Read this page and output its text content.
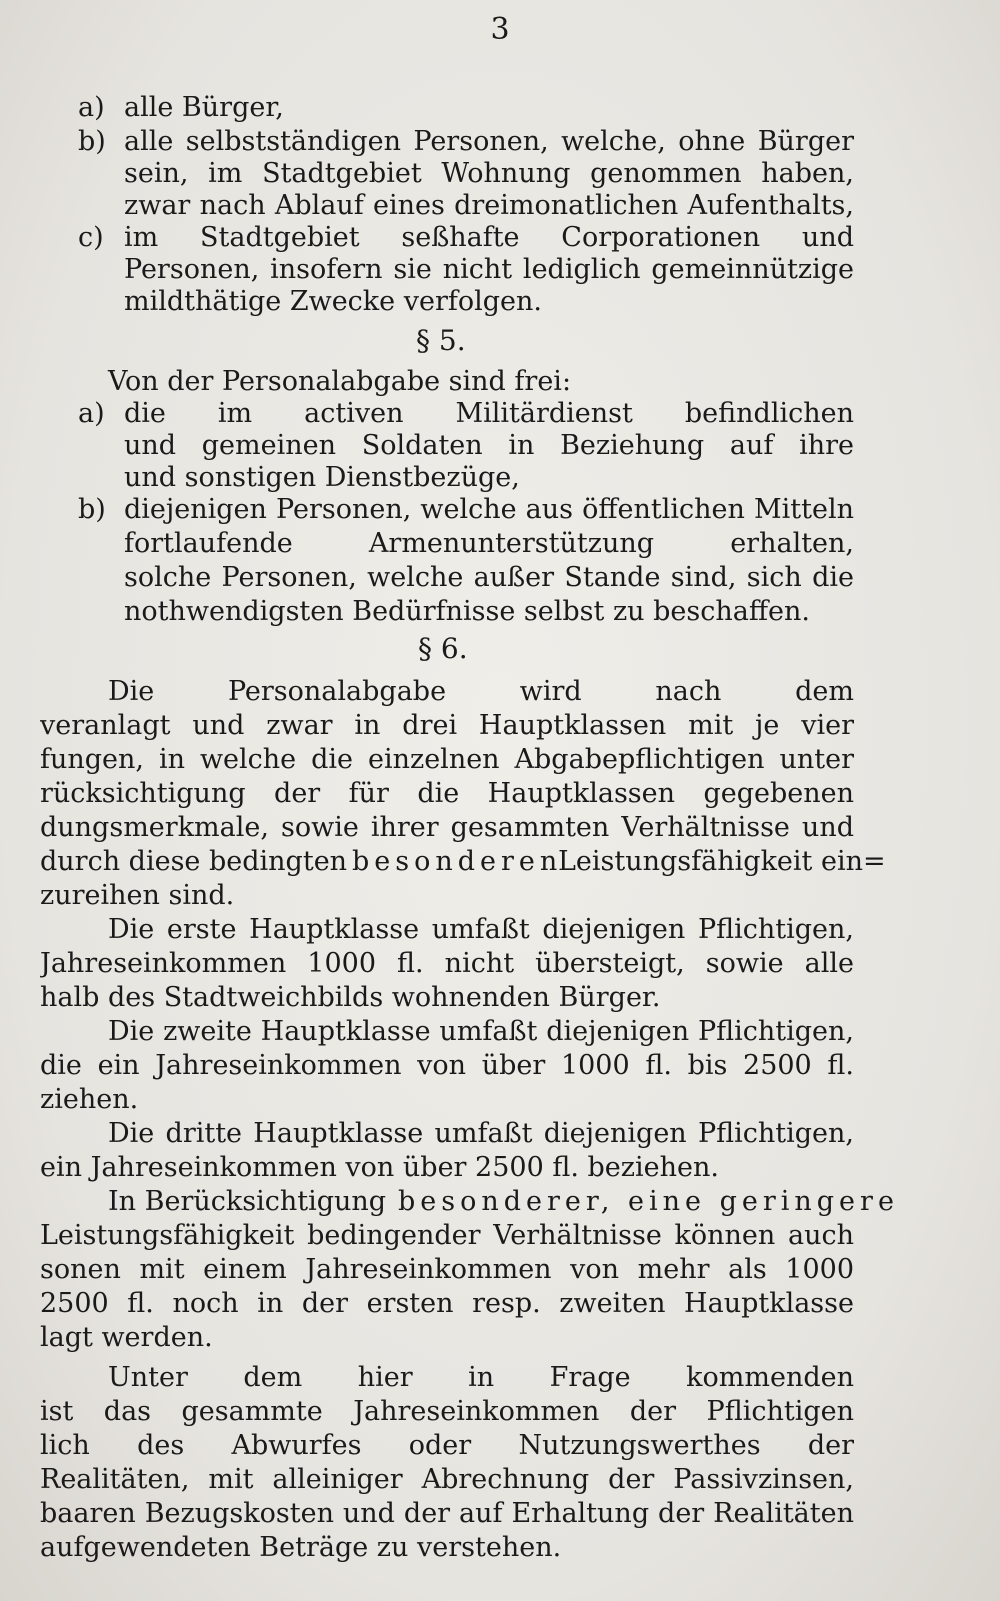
3
a) alle Bürger,
b) alle selbstständigen Personen, welche, ohne Bürger
sein, im Stadtgebiet Wohnung genommen haben,
zwar nach Ablauf eines dreimonatlichen Aufenthalts,
c) im Stadtgebiet seßhafte Corporationen und
Personen, insofern sie nicht lediglich gemeinnützige
mildthätige Zwecke verfolgen.
§ 5.
Von der Personalabgabe sind frei:
a) die im activen Militärdienst befindlichen
und gemeinen Soldaten in Beziehung auf ihre
und sonstigen Dienstbezüge,
b) diejenigen Personen, welche aus öffentlichen Mitteln
fortlaufende Armenunterstützung erhalten,
solche Personen, welche außer Stande sind, sich die
nothwendigsten Bedürfnisse selbst zu beschaffen.
§ 6.
Die Personalabgabe wird nach dem
veranlagt und zwar in drei Hauptklassen mit je vier
fungen, in welche die einzelnen Abgabepflichtigen unter
rücksichtigung der für die Hauptklassen gegebenen
dungsmerkmale, sowie ihrer gesammten Verhältnisse und
durch diese bedingten besonderen
Leistungsfähigkeit ein=
zureihen sind.
Die erste Hauptklasse umfaßt diejenigen Pflichtigen,
Jahreseinkommen 1000 fl. nicht übersteigt, sowie alle
halb des Stadtweichbilds wohnenden Bürger.
Die zweite Hauptklasse umfaßt diejenigen Pflichtigen,
die ein Jahreseinkommen von über 1000 fl. bis 2500 fl.
ziehen.
Die dritte Hauptklasse umfaßt diejenigen Pflichtigen,
ein Jahreseinkommen von über 2500 fl. beziehen.
In Berücksichtigung besonderer, eine geringere
Leistungsfähigkeit bedingender Verhältnisse können auch
sonen mit einem Jahreseinkommen von mehr als 1000
2500 fl. noch in der ersten resp. zweiten Hauptklasse
lagt werden.
Unter dem hier in Frage kommenden
ist das gesammte Jahreseinkommen der Pflichtigen
lich des Abwurfes oder Nutzungswerthes der
Realitäten, mit alleiniger Abrechnung der Passivzinsen,
baaren Bezugskosten und der auf Erhaltung der Realitäten
aufgewendeten Beträge zu verstehen.
